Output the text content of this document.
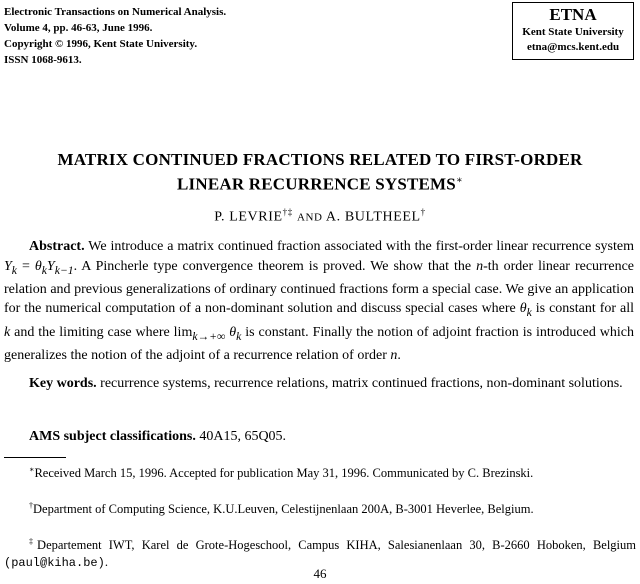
Electronic Transactions on Numerical Analysis.
Volume 4, pp. 46-63, June 1996.
Copyright © 1996, Kent State University.
ISSN 1068-9613.
ETNA
Kent State University
etna@mcs.kent.edu
MATRIX CONTINUED FRACTIONS RELATED TO FIRST-ORDER
LINEAR RECURRENCE SYSTEMS∗
P. LEVRIE†‡ AND A. BULTHEEL†
Abstract. We introduce a matrix continued fraction associated with the first-order linear recurrence system $Y_k = \theta_kY_{k-1}$. A Pincherle type convergence theorem is proved. We show that the n-th order linear recurrence relation and previous generalizations of ordinary continued fractions form a special case. We give an application for the numerical computation of a non-dominant solution and discuss special cases where $\theta_k$ is constant for all k and the limiting case where $\lim_{k\to+\infty} \theta_k$ is constant. Finally the notion of adjoint fraction is introduced which generalizes the notion of the adjoint of a recurrence relation of order n.
Key words. recurrence systems, recurrence relations, matrix continued fractions, non-dominant solutions.
AMS subject classifications. 40A15, 65Q05.
∗Received March 15, 1996. Accepted for publication May 31, 1996. Communicated by C. Brezinski.
†Department of Computing Science, K.U.Leuven, Celestijnenlaan 200A, B-3001 Heverlee, Belgium.
‡Departement IWT, Karel de Grote-Hogeschool, Campus KIHA, Salesianenlaan 30, B-2660 Hoboken, Belgium (paul@kiha.be).
46
